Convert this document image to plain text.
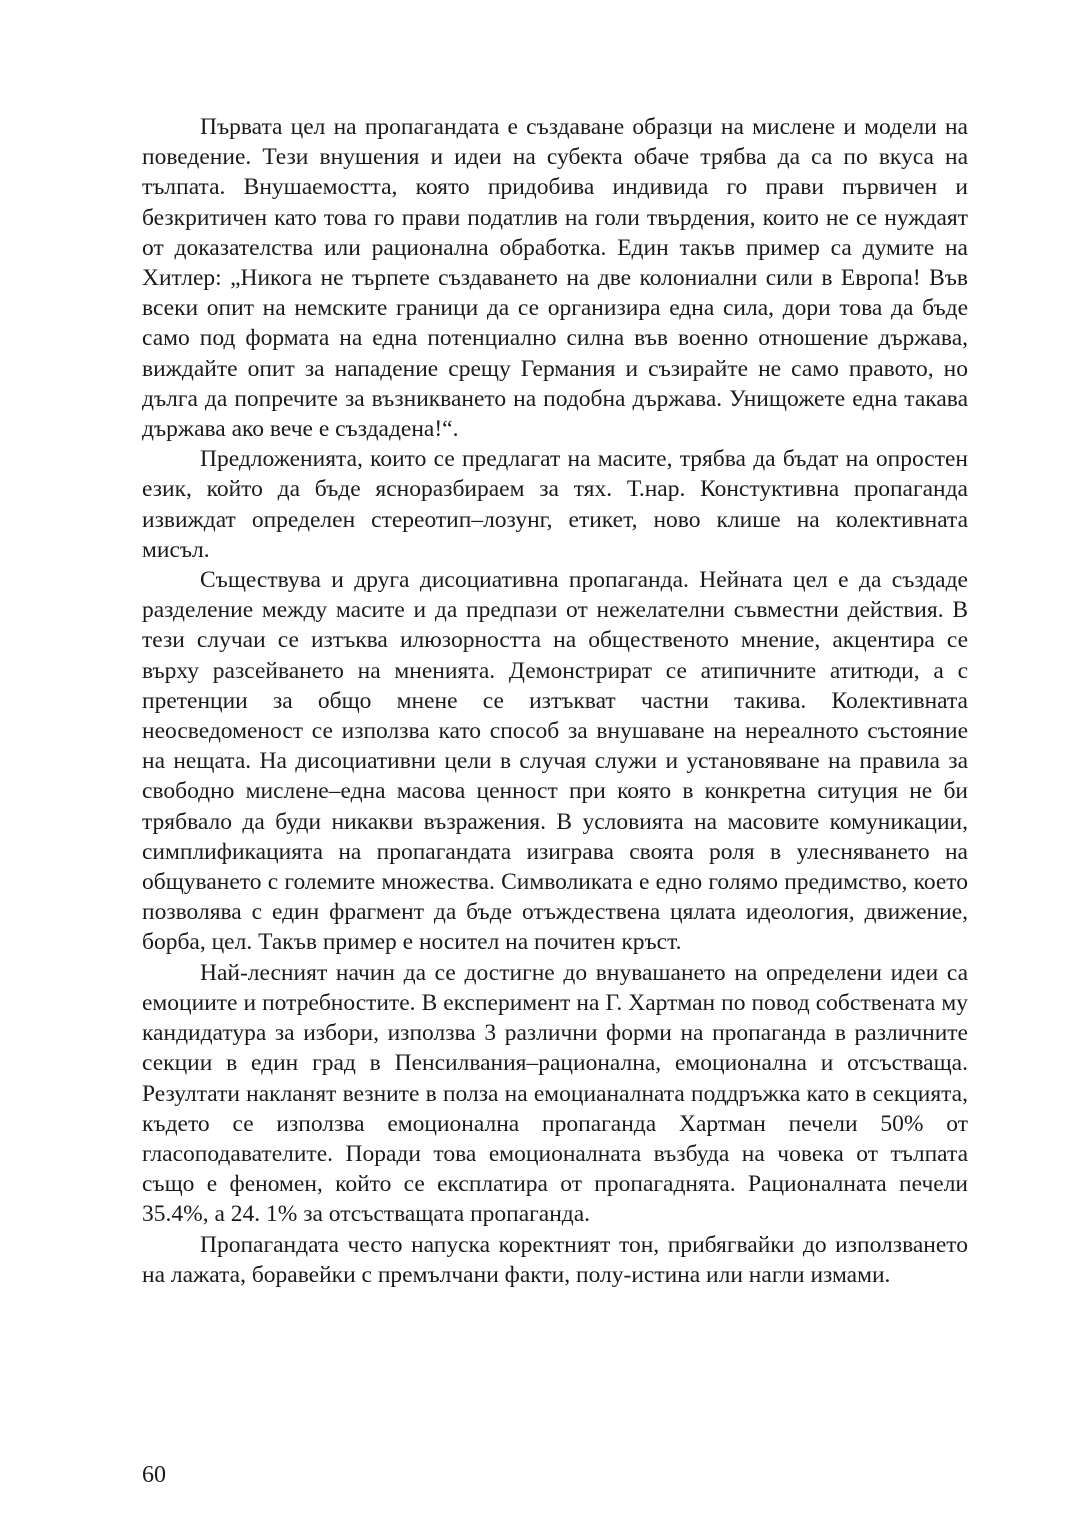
Първата цел на пропагандата е създаване образци на мислене и модели на поведение. Тези внушения и идеи на субекта обаче трябва да са по вкуса на тълпата. Внушаемостта, която придобива индивида го прави първичен и безкритичен като това го прави податлив на голи твърдения, които не се нуждаят от доказателства или рационална обработка. Един такъв пример са думите на Хитлер: „Никога не търпете създаването на две колониални сили в Европа! Във всеки опит на немските граници да се организира една сила, дори това да бъде само под формата на една потенциално силна във военно отношение държава, виждайте опит за нападение срещу Германия и съзирайте не само правото, но дълга да попречите за възникването на подобна държава. Унищожете една такава държава ако вече е създадена!“.

Предложенията, които се предлагат на масите, трябва да бъдат на опростен език, който да бъде ясноразбираем за тях. Т.нар. Констуктивна пропаганда извиждат определен стереотип–лозунг, етикет, ново клише на колективната мисъл.

Съществува и друга дисоциативна пропаганда. Нейната цел е да създаде разделение между масите и да предпази от нежелателни съвместни действия. В тези случаи се изтъква илюзорността на общественото мнение, акцентира се върху разсейването на мненията. Демонстрират се атипичните атитюди, а с претенции за общо мнене се изтъкват частни такива. Колективната неосведоменост се използва като способ за внушаване на нереалното състояние на нещата. На дисоциативни цели в случая служи и установяване на правила за свободно мислене–една масова ценност при която в конкретна ситуция не би трябвало да буди никакви възражения. В условията на масовите комуникации, симплификацията на пропагандата изиграва своята роля в улесняването на общуването с големите множества. Символиката е едно голямо предимство, което позволява с един фрагмент да бъде отъждествена цялата идеология, движение, борба, цел. Такъв пример е носител на почитен кръст.

Най-лесният начин да се достигне до внувашането на определени идеи са емоциите и потребностите. В експеримент на Г. Хартман по повод собствената му кандидатура за избори, използва 3 различни форми на пропаганда в различните секции в един град в Пенсилвания–рационална, емоционална и отсъстваща. Резултати накланят везните в полза на емоцианалната поддръжка като в секцията, където се използва емоционална пропаганда Хартман печели 50% от гласоподавателите. Поради това емоционалната възбуда на човека от тълпата също е феномен, който се експлатира от пропагаднята. Рационалната печели 35.4%, а 24. 1% за отсъстващата пропаганда.

Пропагандата често напуска коректният тон, прибягвайки до използването на лажата, боравейки с премълчани факти, полу-истина или нагли измами.

60
